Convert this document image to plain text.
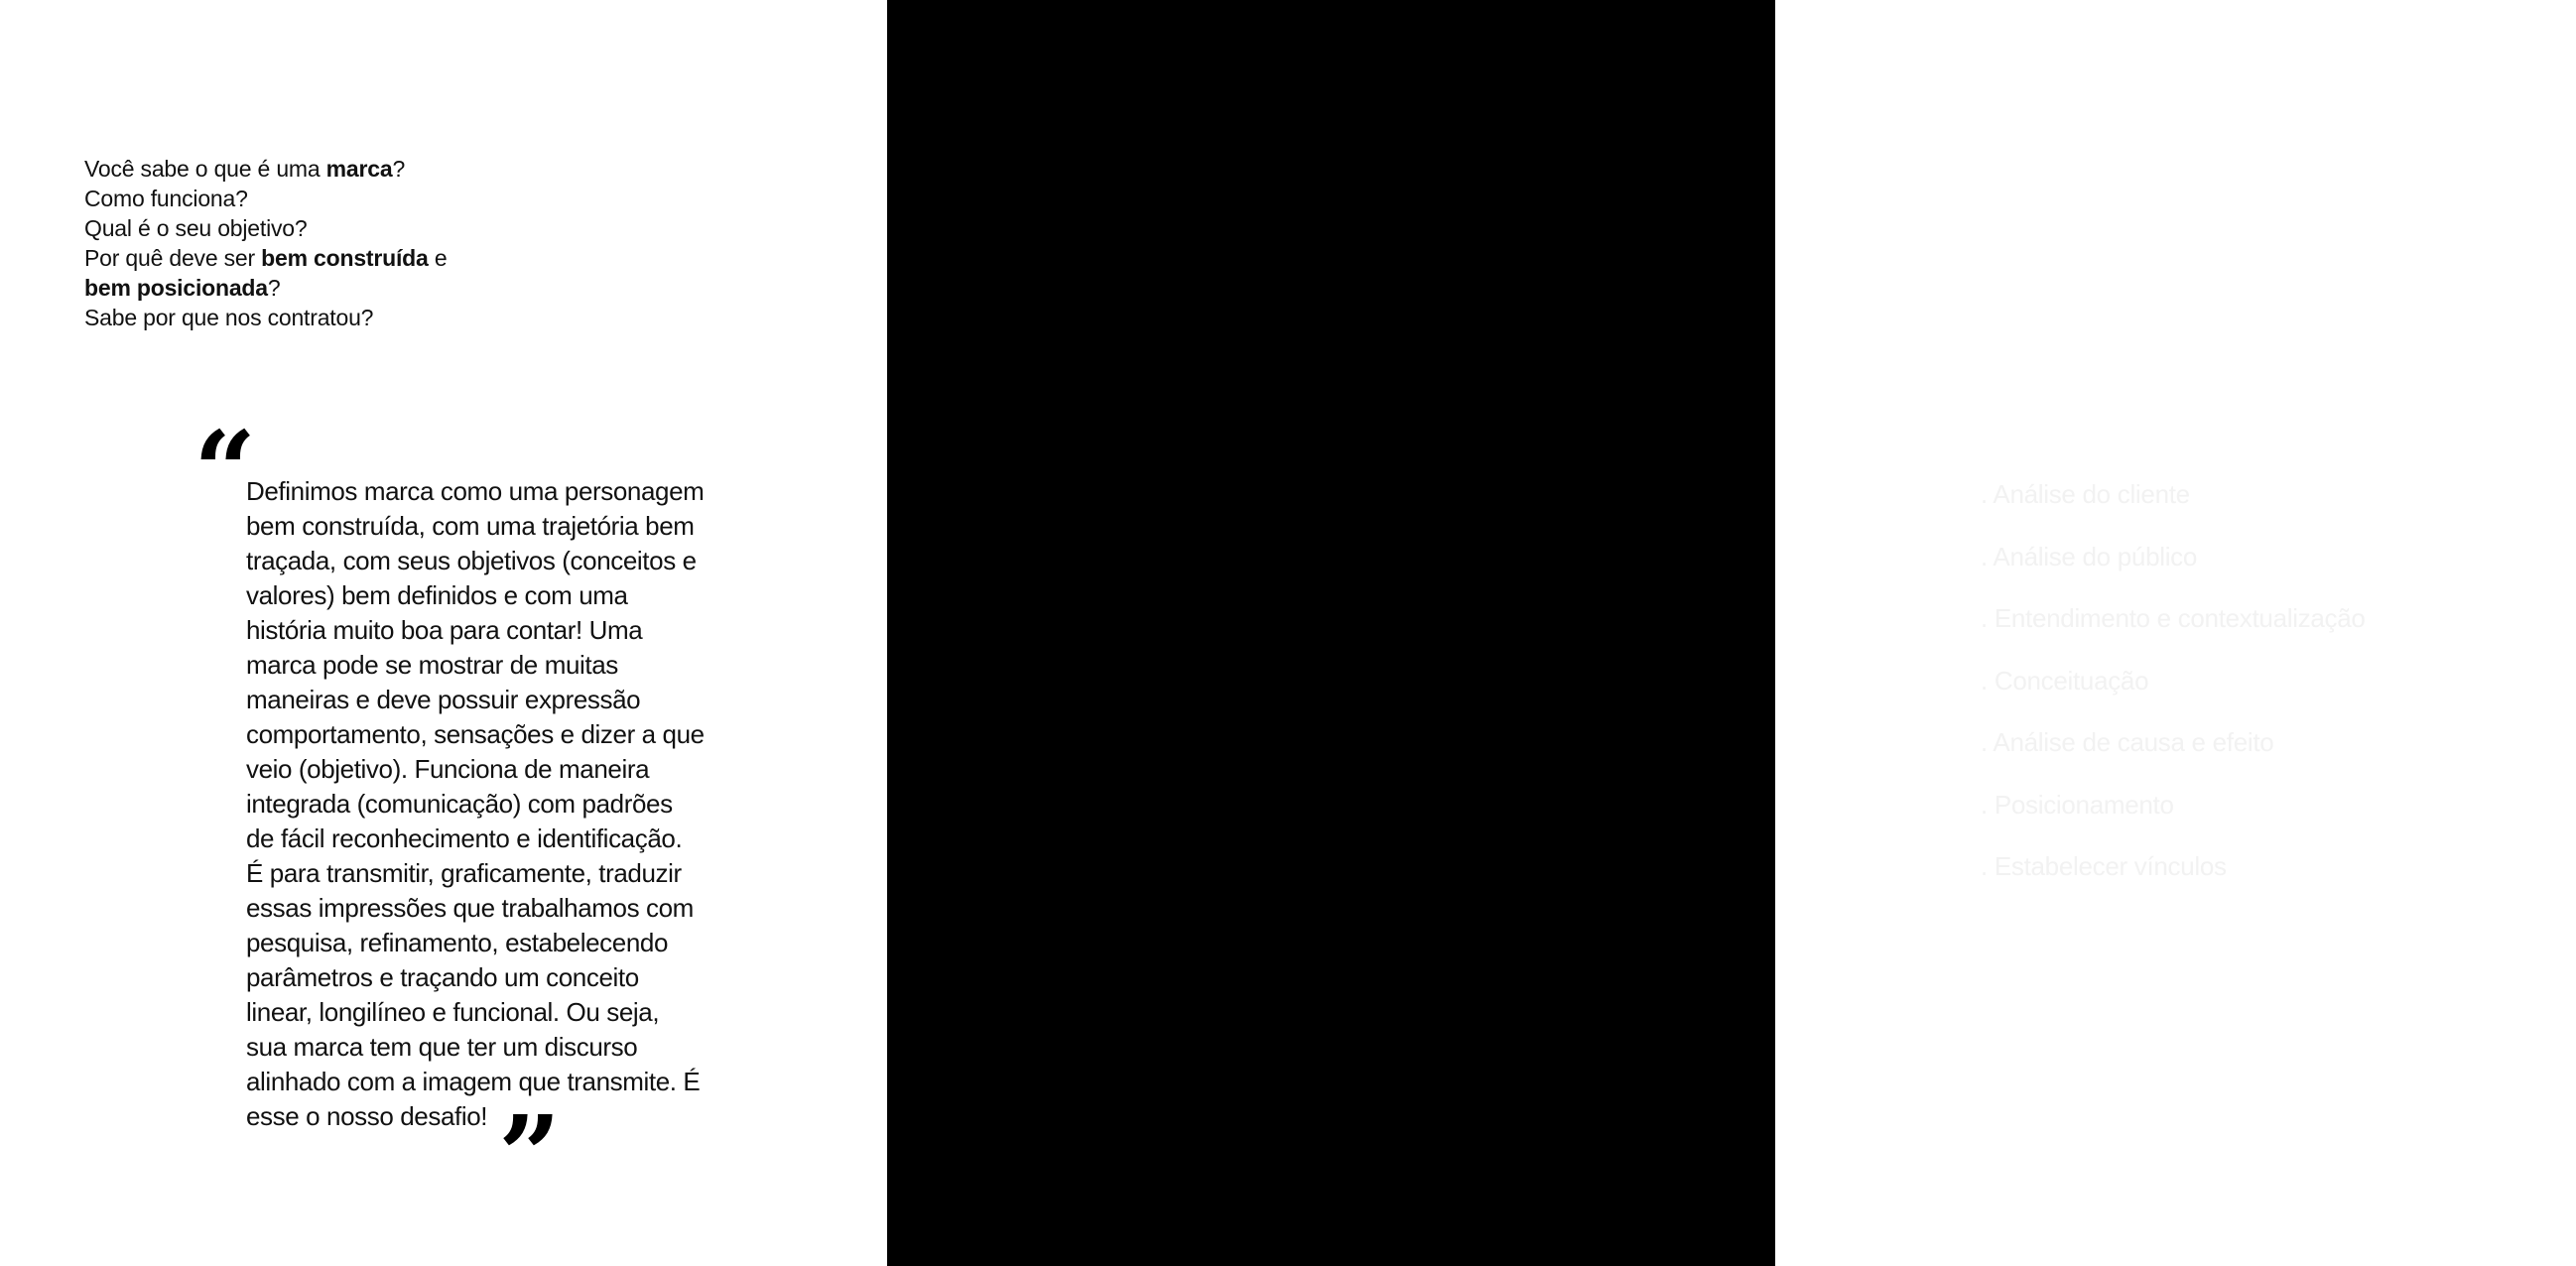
Você sabe o que é uma marca?
Como funciona?
Qual é o seu objetivo?
Por quê deve ser bem construída e
bem posicionada?
Sabe por que nos contratou?
“
Definimos marca como uma personagem
bem construída, com uma trajetória bem
traçada, com seus objetivos (conceitos e
valores) bem definidos e com uma
história muito boa para contar! Uma
marca pode se mostrar de muitas
maneiras e deve possuir expressão
comportamento, sensações e dizer a que
veio (objetivo). Funciona de maneira
integrada (comunicação) com padrões
de fácil reconhecimento e identificação.
É para transmitir, graficamente, traduzir
essas impressões que trabalhamos com
pesquisa, refinamento, estabelecendo
parâmetros e traçando um conceito
linear, longilíneo e funcional. Ou seja,
sua marca tem que ter um discurso
alinhado com a imagem que transmite. É
esse o nosso desafio! ”
. Análise do cliente
. Análise do público
. Entendimento e contextualização
. Conceituação
. Análise de causa e efeito
. Posicionamento
. Estabelecer vínculos
